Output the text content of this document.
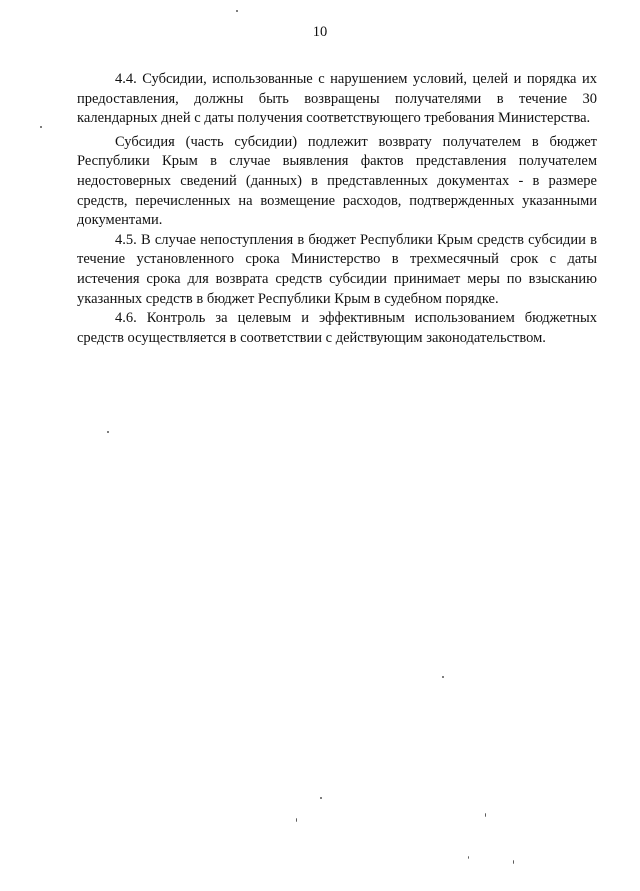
10

4.4. Субсидии, использованные с нарушением условий, целей и порядка их предоставления, должны быть возвращены получателями в течение 30 календарных дней с даты получения соответствующего требования Министерства.

Субсидия (часть субсидии) подлежит возврату получателем в бюджет Республики Крым в случае выявления фактов представления получателем недостоверных сведений (данных) в представленных документах - в размере средств, перечисленных на возмещение расходов, подтвержденных указанными документами.

4.5. В случае непоступления в бюджет Республики Крым средств субсидии в течение установленного срока Министерство в трехмесячный срок с даты истечения срока для возврата средств субсидии принимает меры по взысканию указанных средств в бюджет Республики Крым в судебном порядке.

4.6. Контроль за целевым и эффективным использованием бюджетных средств осуществляется в соответствии с действующим законодательством.
